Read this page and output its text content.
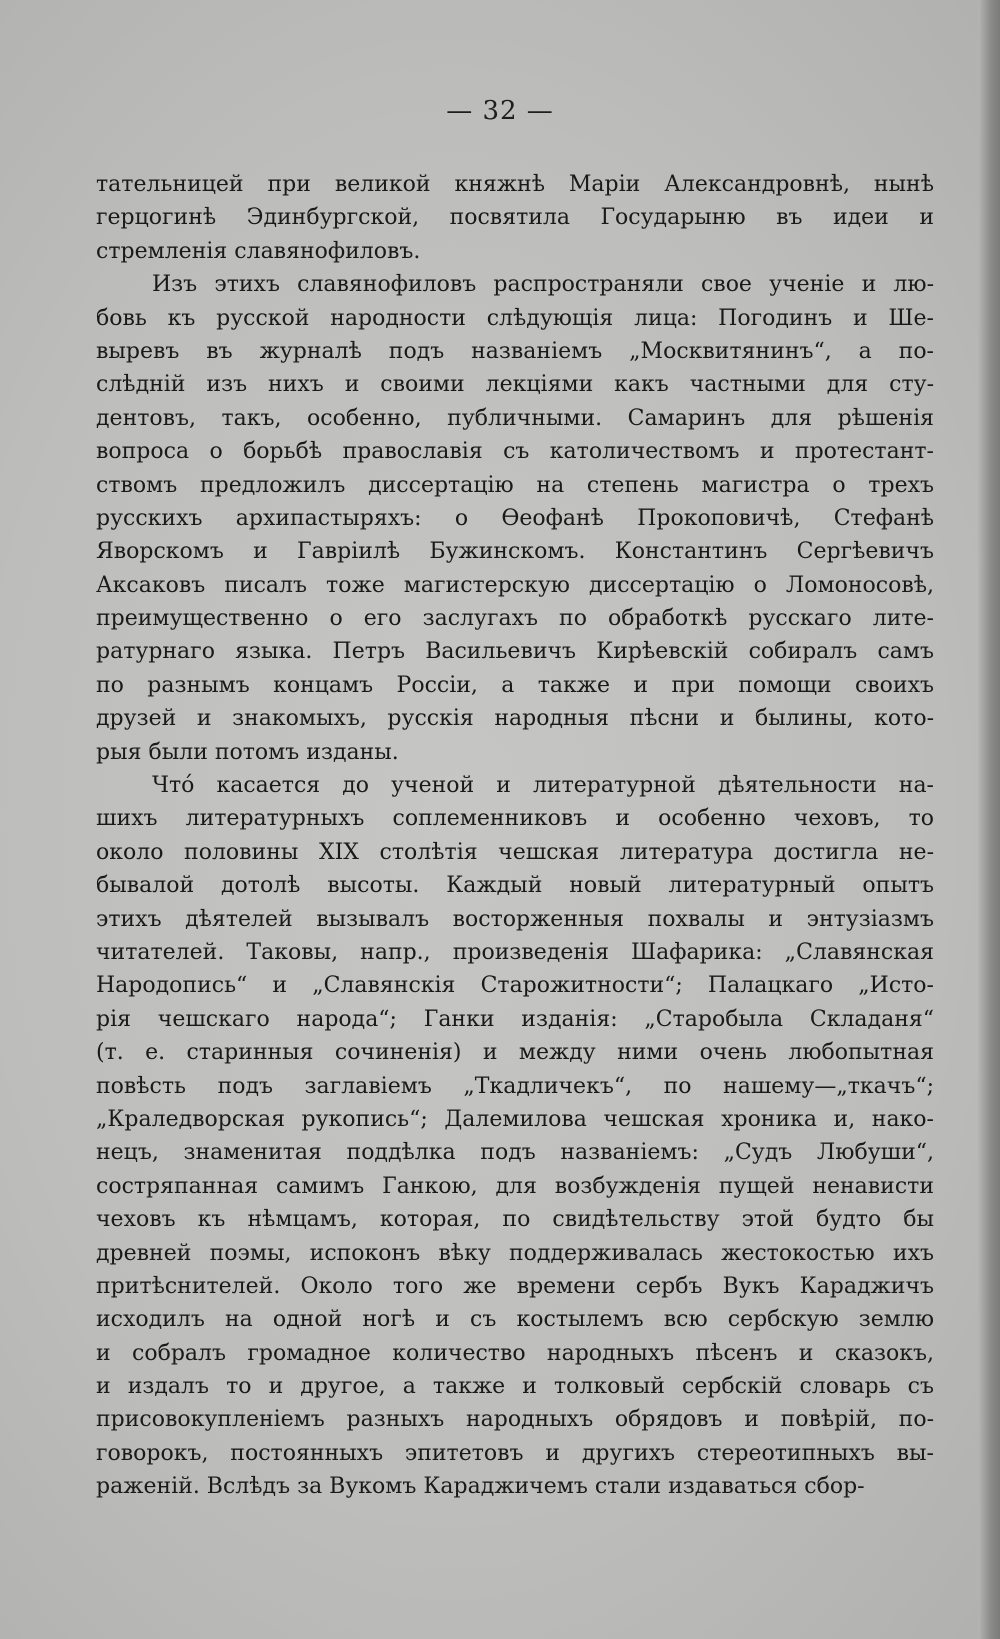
— 32 —
тательницей при великой княжнѣ Маріи Александровнѣ, нынѣ
герцогинѣ Эдинбургской, посвятила Государыню въ идеи и
стремленія славянофиловъ.
Изъ этихъ славянофиловъ распространяли свое ученіе и лю-
бовь къ русской народности слѣдующія лица: Погодинъ и Ше-
выревъ въ журналѣ подъ названіемъ „Москвитянинъ“, а по-
слѣдній изъ нихъ и своими лекціями какъ частными для сту-
дентовъ, такъ, особенно, публичными. Самаринъ для рѣшенія
вопроса о борьбѣ православія съ католичествомъ и протестант-
ствомъ предложилъ диссертацію на степень магистра о трехъ
русскихъ архипастыряхъ: о Ѳеофанѣ Прокоповичѣ, Стефанѣ
Яворскомъ и Гавріилѣ Бужинскомъ. Константинъ Сергѣевичъ
Аксаковъ писалъ тоже магистерскую диссертацію о Ломоносовѣ,
преимущественно о его заслугахъ по обработкѣ русскаго лите-
ратурнаго языка. Петръ Васильевичъ Кирѣевскій собиралъ самъ
по разнымъ концамъ Россіи, а также и при помощи своихъ
друзей и знакомыхъ, русскія народныя пѣсни и былины, кото-
рыя были потомъ изданы.
Что́ касается до ученой и литературной дѣятельности на-
шихъ литературныхъ соплеменниковъ и особенно чеховъ, то
около половины XIX столѣтія чешская литература достигла не-
бывалой дотолѣ высоты. Каждый новый литературный опытъ
этихъ дѣятелей вызывалъ восторженныя похвалы и энтузіазмъ
читателей. Таковы, напр., произведенія Шафарика: „Славянская
Народопись“ и „Славянскія Старожитности“; Палацкаго „Исто-
рія чешскаго народа“; Ганки изданія: „Старобыла Складаня“
(т. е. старинныя сочиненія) и между ними очень любопытная
повѣсть подъ заглавіемъ „Ткадличекъ“, по нашему—„ткачъ“;
„Краледворская рукопись“; Далемилова чешская хроника и, нако-
нецъ, знаменитая поддѣлка подъ названіемъ: „Судъ Любуши“,
состряпанная самимъ Ганкою, для возбужденія пущей ненависти
чеховъ къ нѣмцамъ, которая, по свидѣтельству этой будто бы
древней поэмы, испоконъ вѣку поддерживалась жестокостью ихъ
притѣснителей. Около того же времени сербъ Вукъ Караджичъ
исходилъ на одной ногѣ и съ костылемъ всю сербскую землю
и собралъ громадное количество народныхъ пѣсенъ и сказокъ,
и издалъ то и другое, а также и толковый сербскій словарь съ
присовокупленіемъ разныхъ народныхъ обрядовъ и повѣрій, по-
говорокъ, постоянныхъ эпитетовъ и другихъ стереотипныхъ вы-
раженій. Вслѣдъ за Вукомъ Караджичемъ стали издаваться сбор-
